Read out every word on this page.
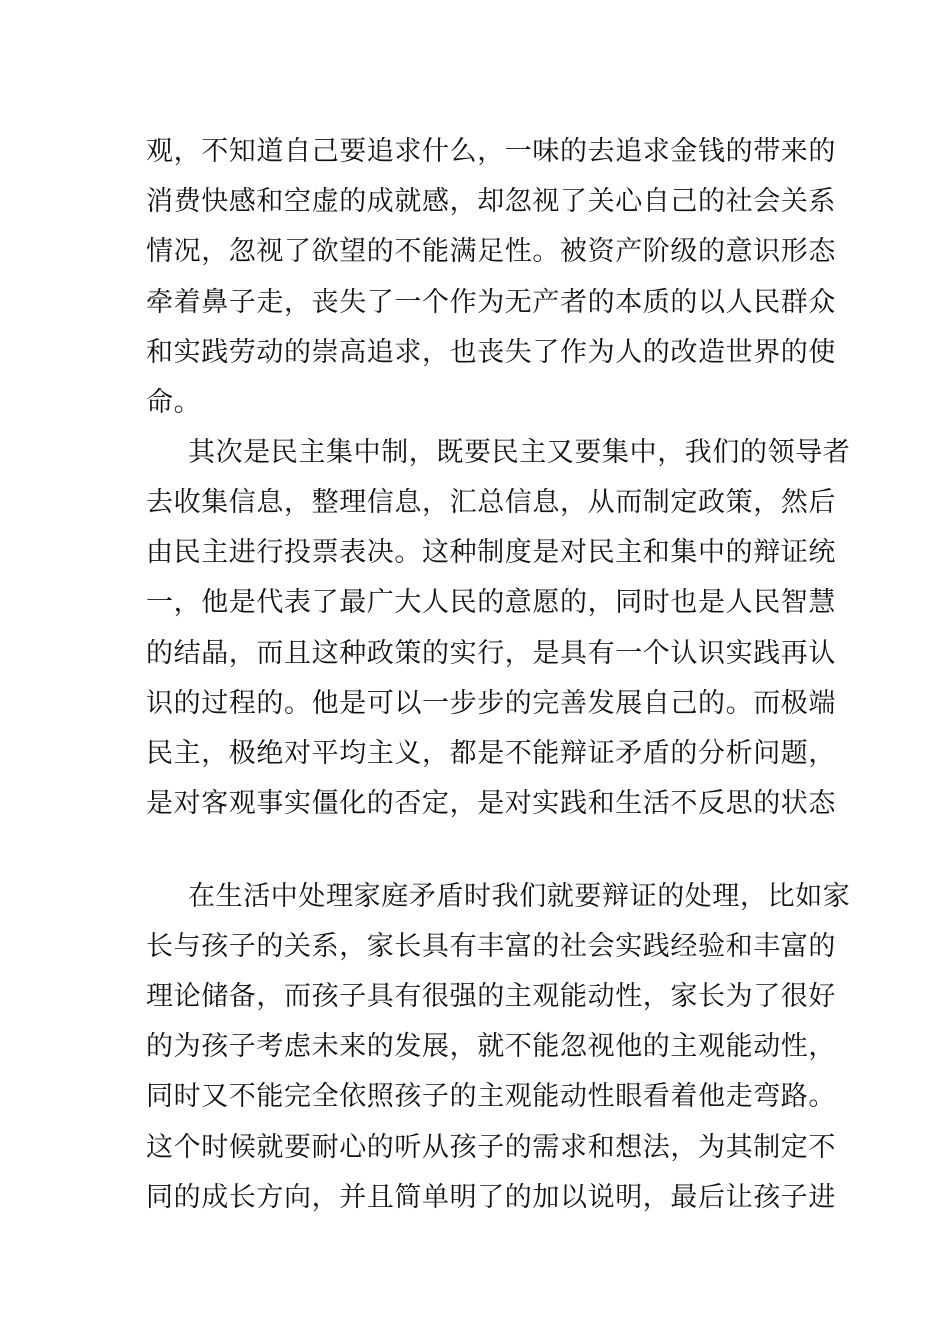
观，不知道自己要追求什么，一味的去追求金钱的带来的
消费快感和空虚的成就感，却忽视了关心自己的社会关系
情况，忽视了欲望的不能满足性。被资产阶级的意识形态
牵着鼻子走，丧失了一个作为无产者的本质的以人民群众
和实践劳动的崇高追求，也丧失了作为人的改造世界的使
命。
其次是民主集中制，既要民主又要集中，我们的领导者
去收集信息，整理信息，汇总信息，从而制定政策，然后
由民主进行投票表决。这种制度是对民主和集中的辩证统
一，他是代表了最广大人民的意愿的，同时也是人民智慧
的结晶，而且这种政策的实行，是具有一个认识实践再认
识的过程的。他是可以一步步的完善发展自己的。而极端
民主，极绝对平均主义，都是不能辩证矛盾的分析问题，
是对客观事实僵化的否定，是对实践和生活不反思的状态
在生活中处理家庭矛盾时我们就要辩证的处理，比如家
长与孩子的关系，家长具有丰富的社会实践经验和丰富的
理论储备，而孩子具有很强的主观能动性，家长为了很好
的为孩子考虑未来的发展，就不能忽视他的主观能动性，
同时又不能完全依照孩子的主观能动性眼看着他走弯路。
这个时候就要耐心的听从孩子的需求和想法，为其制定不
同的成长方向，并且简单明了的加以说明，最后让孩子进
